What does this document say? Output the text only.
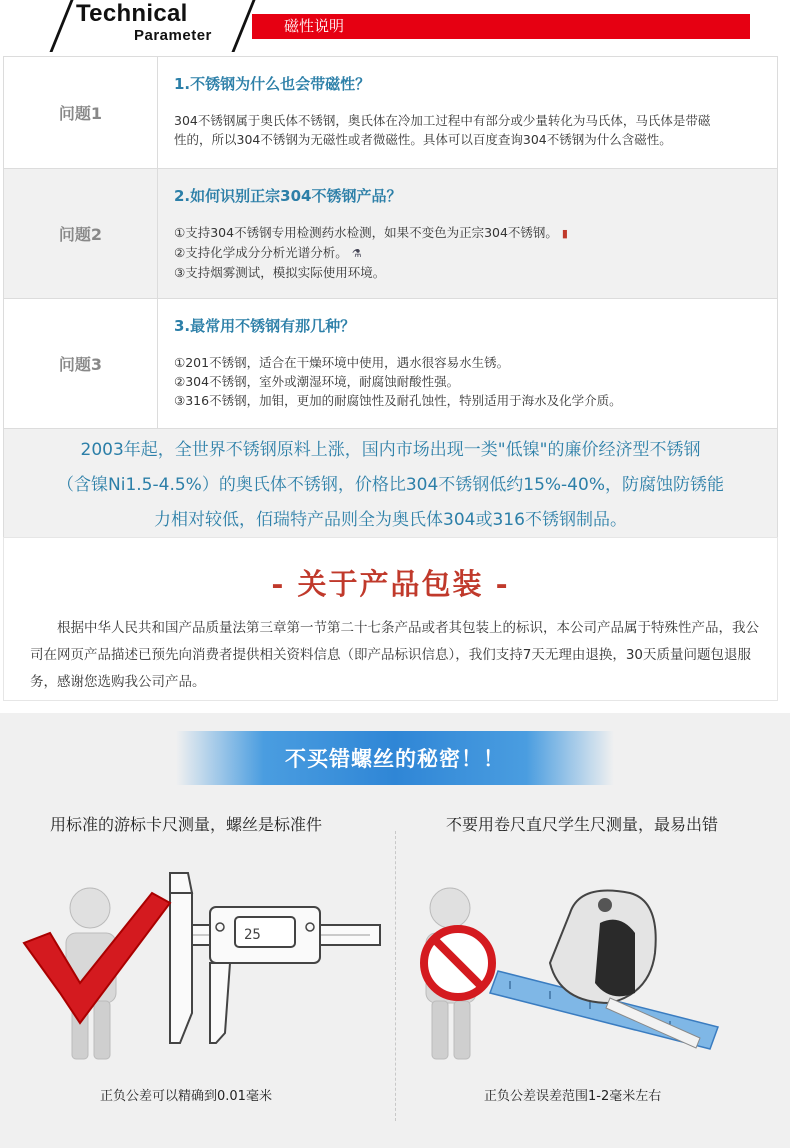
Technical
Parameter
磁性说明
问题1
1.不锈钢为什么也会带磁性？
304不锈钢属于奥氏体不锈钢，奥氏体在冷加工过程中有部分或少量转化为马氏体，马氏体是带磁
性的，所以304不锈钢为无磁性或者微磁性。具体可以百度查询304不锈钢为什么含磁性。
问题2
2.如何识别正宗304不锈钢产品？
①支持304不锈钢专用检测药水检测，如果不变色为正宗304不锈钢。 ▮
②支持化学成分分析光谱分析。 ⚗
③支持烟雾测试，模拟实际使用环境。
问题3
3.最常用不锈钢有那几种？
①201不锈钢，适合在干燥环境中使用，遇水很容易水生锈。
②304不锈钢，室外或潮湿环境，耐腐蚀耐酸性强。
③316不锈钢，加钼，更加的耐腐蚀性及耐孔蚀性，特别适用于海水及化学介质。
2003年起，全世界不锈钢原料上涨，国内市场出现一类"低镍"的廉价经济型不锈钢
（含镍Ni1.5-4.5%）的奥氏体不锈钢，价格比304不锈钢低约15%-40%，防腐蚀防锈能
力相对较低，佰瑞特产品则全为奥氏体304或316不锈钢制品。
- 关于产品包装 -
根据中华人民共和国产品质量法第三章第一节第二十七条产品或者其包装上的标识，本公司产品属于特殊性产品，我公司在网页产品描述已预先向消费者提供相关资料信息（即产品标识信息），我们支持7天无理由退换，30天质量问题包退服务，感谢您选购我公司产品。
不买错螺丝的秘密！！
用标准的游标卡尺测量，螺丝是标准件	不要用卷尺直尺学生尺测量，最易出错
25
正负公差可以精确到0.01毫米	正负公差误差范围1-2毫米左右
